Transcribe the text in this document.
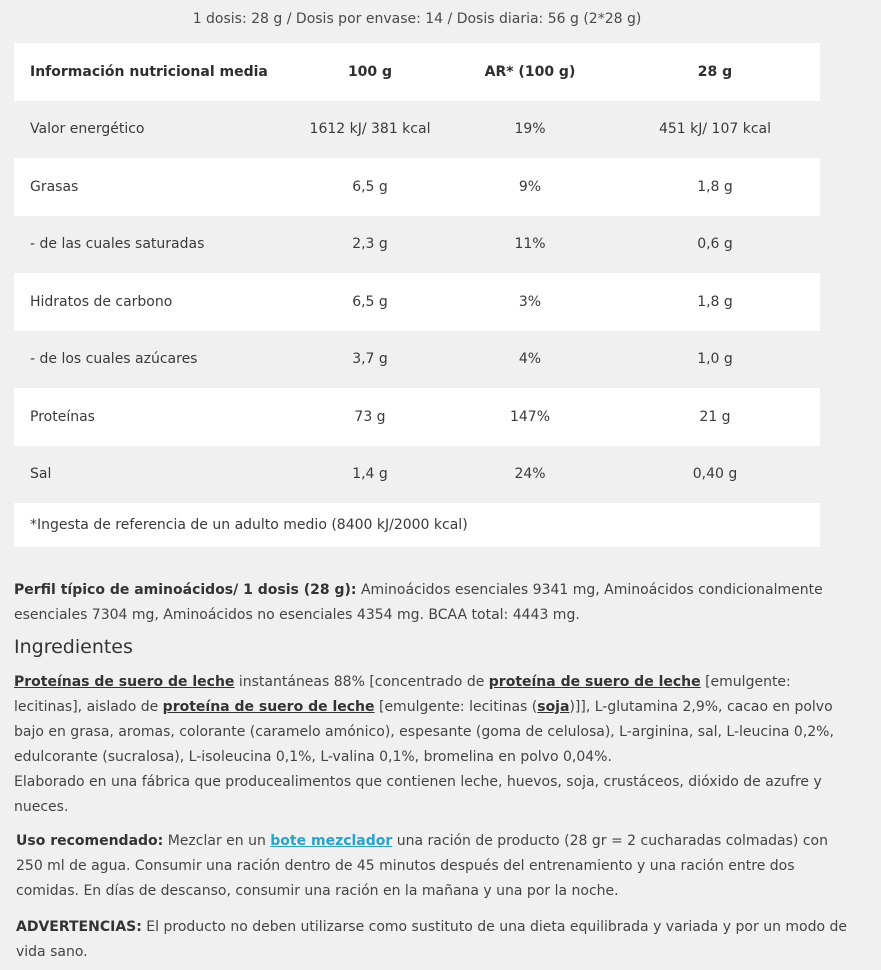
1 dosis: 28 g / Dosis por envase: 14 / Dosis diaria: 56 g (2*28 g)
Información nutricional media	100 g	AR* (100 g)	28 g
Valor energético	1612 kJ/ 381 kcal	19%	451 kJ/ 107 kcal
Grasas	6,5 g	9%	1,8 g
- de las cuales saturadas	2,3 g	11%	0,6 g
Hidratos de carbono	6,5 g	3%	1,8 g
- de los cuales azúcares	3,7 g	4%	1,0 g
Proteínas	73 g	147%	21 g
Sal	1,4 g	24%	0,40 g
*Ingesta de referencia de un adulto medio (8400 kJ/2000 kcal)			
Perfil típico de aminoácidos/ 1 dosis (28 g): Aminoácidos esenciales 9341 mg, Aminoácidos condicionalmente esenciales 7304 mg, Aminoácidos no esenciales 4354 mg. BCAA total: 4443 mg.
Ingredientes
Proteínas de suero de leche instantáneas 88% [concentrado de proteína de suero de leche [emulgente: lecitinas], aislado de proteína de suero de leche [emulgente: lecitinas (soja)]], L-glutamina 2,9%, cacao en polvo bajo en grasa, aromas, colorante (caramelo amónico), espesante (goma de celulosa), L-arginina, sal, L-leucina 0,2%, edulcorante (sucralosa), L-isoleucina 0,1%, L-valina 0,1%, bromelina en polvo 0,04%.
Elaborado en una fábrica que producealimentos que contienen leche, huevos, soja, crustáceos, dióxido de azufre y nueces.
Uso recomendado: Mezclar en un bote mezclador una ración de producto (28 gr = 2 cucharadas colmadas) con 250 ml de agua. Consumir una ración dentro de 45 minutos después del entrenamiento y una ración entre dos comidas. En días de descanso, consumir una ración en la mañana y una por la noche.
ADVERTENCIAS: El producto no deben utilizarse como sustituto de una dieta equilibrada y variada y por un modo de vida sano.
